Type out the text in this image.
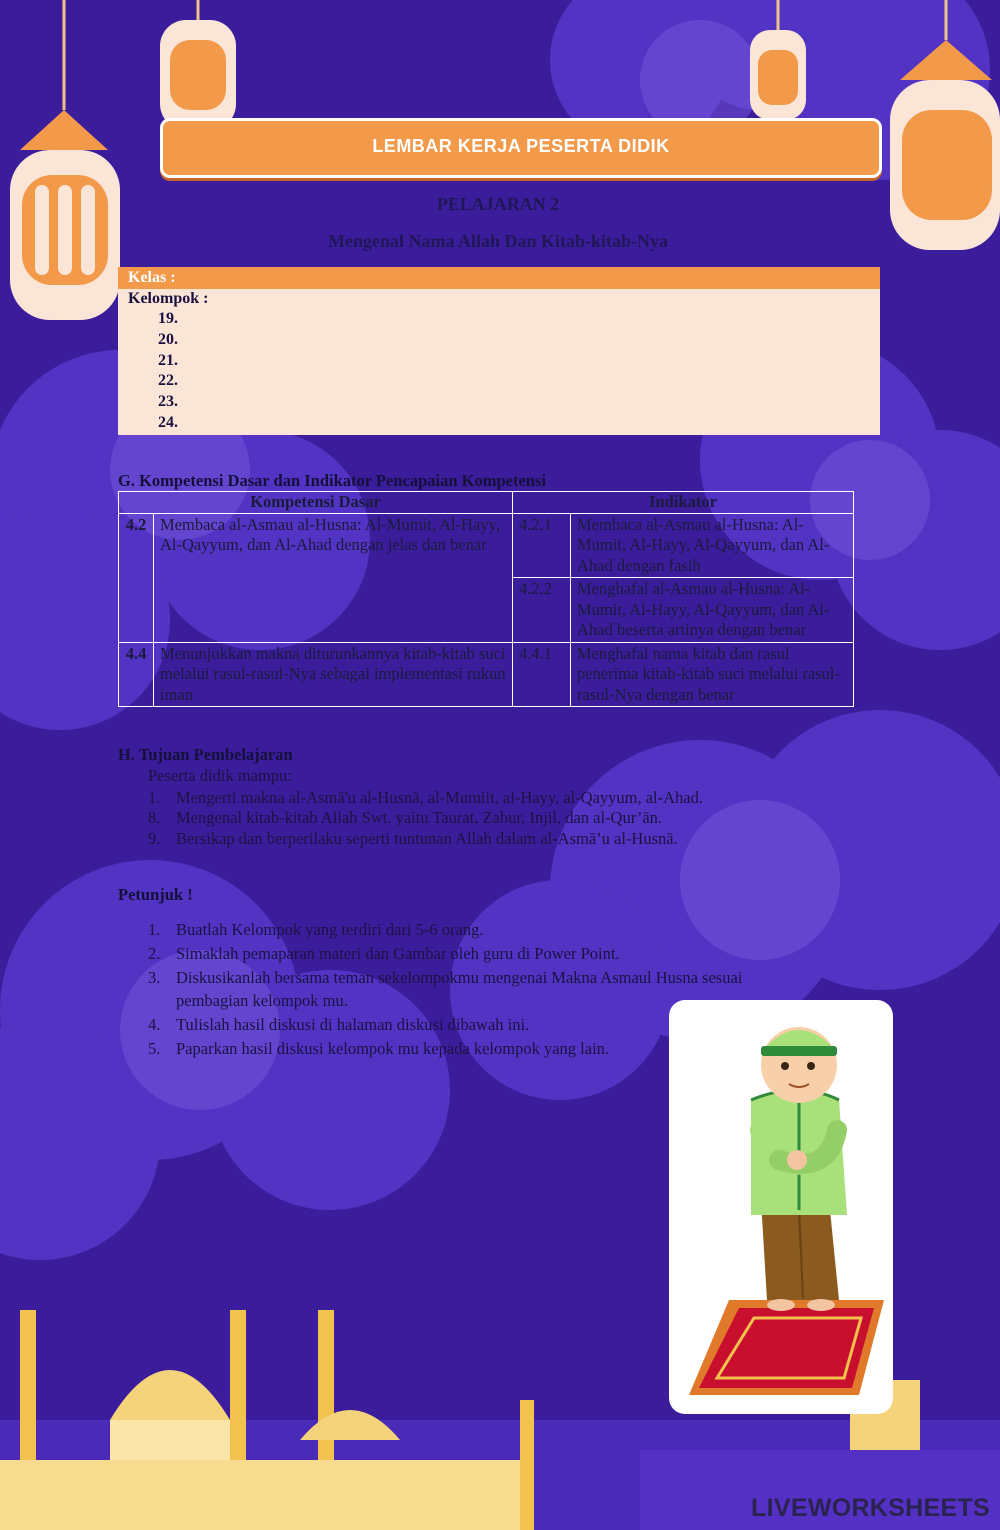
LEMBAR KERJA PESERTA DIDIK
PELAJARAN 2
Mengenal Nama Allah Dan Kitab-kitab-Nya
Kelas :
Kelompok :
19.
20.
21.
22.
23.
24.
G. Kompetensi Dasar dan Indikator Pencapaian Kompetensi
Kompetensi Dasar		Indikator	
4.2	Membaca al-Asmau al-Husna: Al-Mumit, Al-Hayy, Al-Qayyum, dan Al-Ahad dengan jelas dan benar	4.2.1	Membaca al-Asmau al-Husna: Al-Mumit, Al-Hayy, Al-Qayyum, dan Al-Ahad dengan fasih
		4.2.2	Menghafal al-Asmau al-Husna: Al-Mumit, Al-Hayy, Al-Qayyum, dan Al-Ahad beserta artinya dengan benar
4.4	Menunjukkan makna diturunkannya kitab-kitab suci melalui rasul-rasul-Nya sebagai implementasi rukun iman	4.4.1	Menghafal nama kitab dan rasul penerima kitab-kitab suci melalui rasul-rasul-Nya dengan benar
H. Tujuan Pembelajaran
Peserta didik mampu:
1. Mengerti makna al-Asmā'u al-Husnā, al-Mumiit, al-Hayy, al-Qayyum, al-Ahad.
8. Mengenal kitab-kitab Allah Swt. yaitu Taurat, Zabur, Injil, dan al-Qur’ān.
9. Bersikap dan berperilaku seperti tuntunan Allah dalam al-Asmā’u al-Husnā.
Petunjuk !
1. Buatlah Kelompok yang terdiri dari 5-6 orang.
2. Simaklah pemaparan materi dan Gambar oleh guru di Power Point.
3. Diskusikanlah bersama teman sekelompokmu mengenai Makna Asmaul Husna sesuai
pembagian kelompok mu.
4. Tulislah hasil diskusi di halaman diskusi dibawah ini.
5. Paparkan hasil diskusi kelompok mu kepada kelompok yang lain.
LIVEWORKSHEETS
